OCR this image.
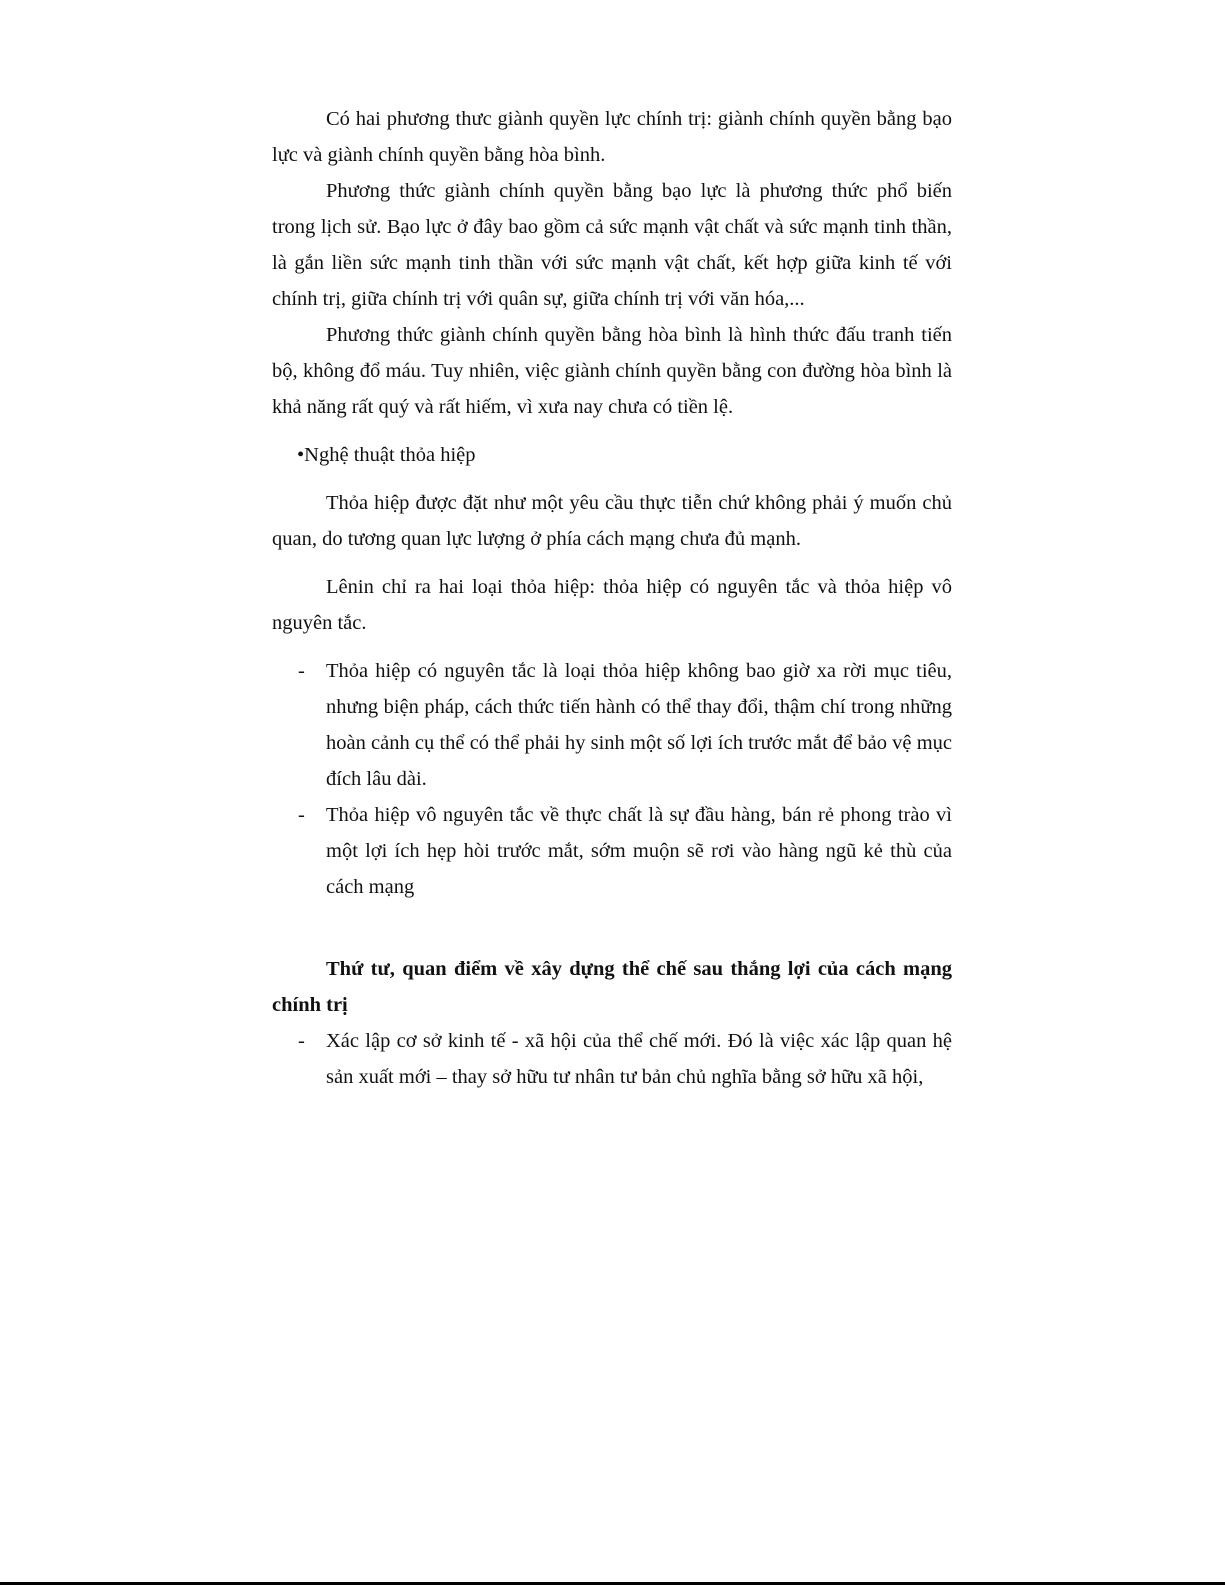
Có hai phương thưc giành quyền lực chính trị: giành chính quyền bằng bạo lực và giành chính quyền bằng hòa bình.

Phương thức giành chính quyền bằng bạo lực là phương thức phổ biến trong lịch sử. Bạo lực ở đây bao gồm cả sức mạnh vật chất và sức mạnh tinh thần, là gắn liền sức mạnh tinh thần với sức mạnh vật chất, kết hợp giữa kinh tế với chính trị, giữa chính trị với quân sự, giữa chính trị với văn hóa,...

Phương thức giành chính quyền bằng hòa bình là hình thức đấu tranh tiến bộ, không đổ máu. Tuy nhiên, việc giành chính quyền bằng con đường hòa bình là khả năng rất quý và rất hiếm, vì xưa nay chưa có tiền lệ.

•Nghệ thuật thỏa hiệp

Thỏa hiệp được đặt như một yêu cầu thực tiễn chứ không phải ý muốn chủ quan, do tương quan lực lượng ở phía cách mạng chưa đủ mạnh.

Lênin chỉ ra hai loại thỏa hiệp: thỏa hiệp có nguyên tắc và thỏa hiệp vô nguyên tắc.

- Thỏa hiệp có nguyên tắc là loại thỏa hiệp không bao giờ xa rời mục tiêu, nhưng biện pháp, cách thức tiến hành có thể thay đổi, thậm chí trong những hoàn cảnh cụ thể có thể phải hy sinh một số lợi ích trước mắt để bảo vệ mục đích lâu dài.
- Thỏa hiệp vô nguyên tắc về thực chất là sự đầu hàng, bán rẻ phong trào vì một lợi ích hẹp hòi trước mắt, sớm muộn sẽ rơi vào hàng ngũ kẻ thù của cách mạng

Thứ tư, quan điểm về xây dựng thể chế sau thắng lợi của cách mạng chính trị

- Xác lập cơ sở kinh tế - xã hội của thể chế mới. Đó là việc xác lập quan hệ sản xuất mới – thay sở hữu tư nhân tư bản chủ nghĩa bằng sở hữu xã hội,
